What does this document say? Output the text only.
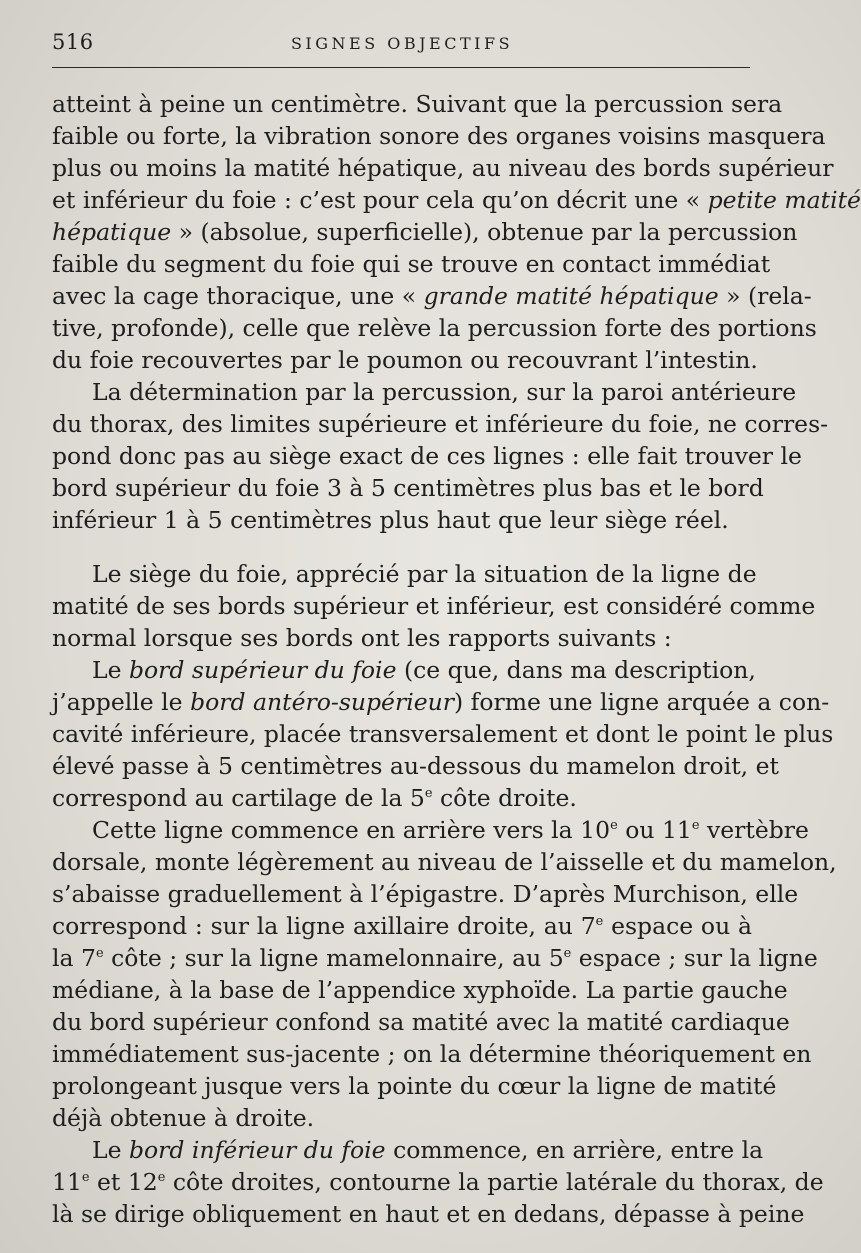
516	SIGNES OBJECTIFS
atteint à peine un centimètre. Suivant que la percussion sera
faible ou forte, la vibration sonore des organes voisins masquera
plus ou moins la matité hépatique, au niveau des bords supérieur
et inférieur du foie : c’est pour cela qu’on décrit une « petite matité
hépatique » (absolue, superficielle), obtenue par la percussion
faible du segment du foie qui se trouve en contact immédiat
avec la cage thoracique, une « grande matité hépatique » (rela-
tive, profonde), celle que relève la percussion forte des portions
du foie recouvertes par le poumon ou recouvrant l’intestin.
La détermination par la percussion, sur la paroi antérieure
du thorax, des limites supérieure et inférieure du foie, ne corres-
pond donc pas au siège exact de ces lignes : elle fait trouver le
bord supérieur du foie 3 à 5 centimètres plus bas et le bord
inférieur 1 à 5 centimètres plus haut que leur siège réel.
Le siège du foie, apprécié par la situation de la ligne de
matité de ses bords supérieur et inférieur, est considéré comme
normal lorsque ses bords ont les rapports suivants :
Le bord supérieur du foie (ce que, dans ma description,
j’appelle le bord antéro-supérieur) forme une ligne arquée a con-
cavité inférieure, placée transversalement et dont le point le plus
élevé passe à 5 centimètres au-dessous du mamelon droit, et
correspond au cartilage de la 5e côte droite.
Cette ligne commence en arrière vers la 10e ou 11e vertèbre
dorsale, monte légèrement au niveau de l’aisselle et du mamelon,
s’abaisse graduellement à l’épigastre. D’après Murchison, elle
correspond : sur la ligne axillaire droite, au 7e espace ou à
la 7e côte ; sur la ligne mamelonnaire, au 5e espace ; sur la ligne
médiane, à la base de l’appendice xyphoïde. La partie gauche
du bord supérieur confond sa matité avec la matité cardiaque
immédiatement sus-jacente ; on la détermine théoriquement en
prolongeant jusque vers la pointe du cœur la ligne de matité
déjà obtenue à droite.
Le bord inférieur du foie commence, en arrière, entre la
11e et 12e côte droites, contourne la partie latérale du thorax, de
là se dirige obliquement en haut et en dedans, dépasse à peine
